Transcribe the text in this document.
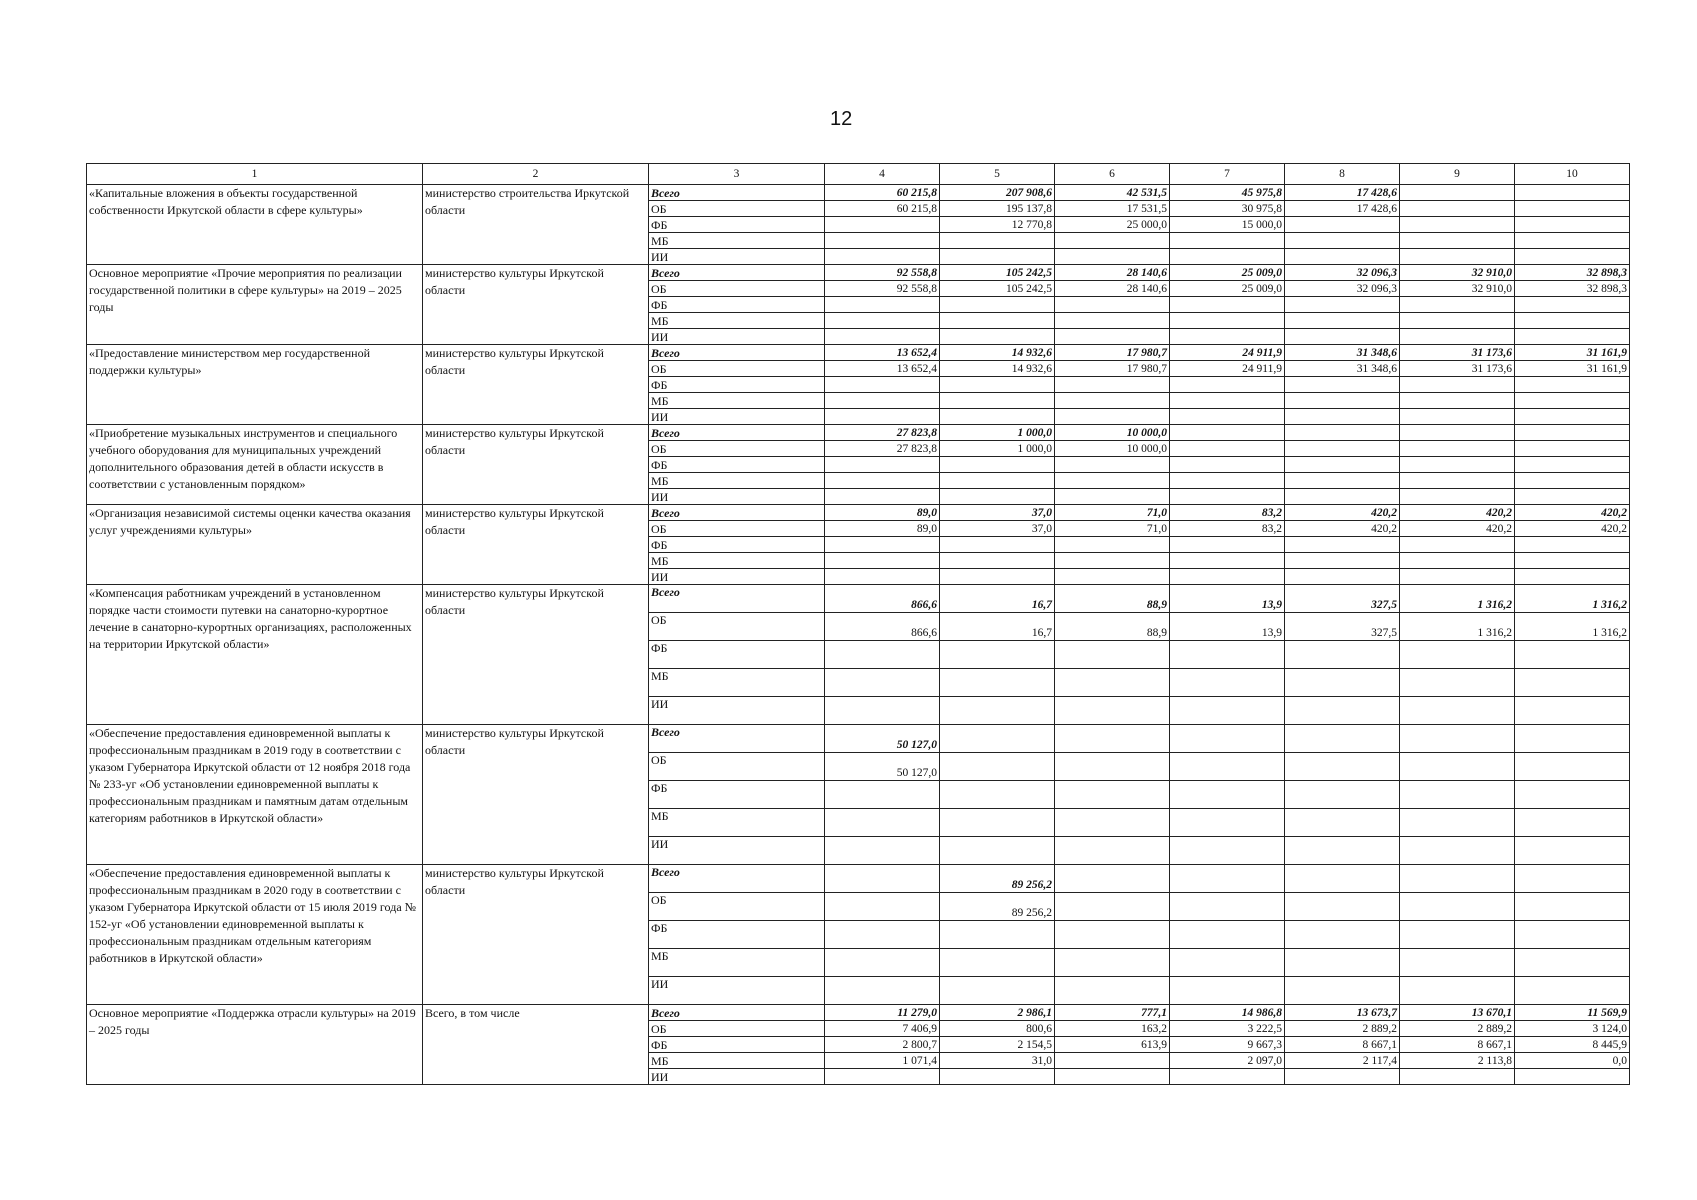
12
1	2	3	4	5	6	7	8	9	10
«Капитальные вложения в объекты государственной собственности Иркутской области в сфере культуры»	министерство строительства Иркутской области	Всего	60 215,8	207 908,6	42 531,5	45 975,8	17 428,6		
		ОБ	60 215,8	195 137,8	17 531,5	30 975,8	17 428,6		
		ФБ		12 770,8	25 000,0	15 000,0			
		МБ							
		ИИ							
Основное мероприятие «Прочие мероприятия по реализации государственной политики в сфере культуры» на 2019 – 2025 годы	министерство культуры Иркутской области	Всего	92 558,8	105 242,5	28 140,6	25 009,0	32 096,3	32 910,0	32 898,3
		ОБ	92 558,8	105 242,5	28 140,6	25 009,0	32 096,3	32 910,0	32 898,3
		ФБ							
		МБ							
		ИИ							
«Предоставление министерством мер государственной поддержки культуры»	министерство культуры Иркутской области	Всего	13 652,4	14 932,6	17 980,7	24 911,9	31 348,6	31 173,6	31 161,9
		ОБ	13 652,4	14 932,6	17 980,7	24 911,9	31 348,6	31 173,6	31 161,9
		ФБ							
		МБ							
		ИИ							
«Приобретение музыкальных инструментов и специального учебного оборудования для муниципальных учреждений дополнительного образования детей в области искусств в соответствии с установленным порядком»	министерство культуры Иркутской области	Всего	27 823,8	1 000,0	10 000,0				
		ОБ	27 823,8	1 000,0	10 000,0				
		ФБ							
		МБ							
		ИИ							
«Организация независимой системы оценки качества оказания услуг учреждениями культуры»	министерство культуры Иркутской области	Всего	89,0	37,0	71,0	83,2	420,2	420,2	420,2
		ОБ	89,0	37,0	71,0	83,2	420,2	420,2	420,2
		ФБ							
		МБ							
		ИИ							
«Компенсация работникам учреждений в установленном порядке части стоимости путевки на санаторно-курортное лечение в санаторно-курортных организациях, расположенных на территории Иркутской области»	министерство культуры Иркутской области	Всего	866,6	16,7	88,9	13,9	327,5	1 316,2	1 316,2
		ОБ	866,6	16,7	88,9	13,9	327,5	1 316,2	1 316,2
		ФБ							
		МБ							
		ИИ							
«Обеспечение предоставления единовременной выплаты к профессиональным праздникам в 2019 году в соответствии с указом Губернатора Иркутской области от 12 ноября 2018 года № 233-уг «Об установлении единовременной выплаты к профессиональным праздникам и памятным датам отдельным категориям работников в Иркутской области»	министерство культуры Иркутской области	Всего	50 127,0						
		ОБ	50 127,0						
		ФБ							
		МБ							
		ИИ							
«Обеспечение предоставления единовременной выплаты к профессиональным праздникам в 2020 году в соответствии с указом Губернатора Иркутской области от 15 июля 2019 года № 152-уг «Об установлении единовременной выплаты к профессиональным праздникам отдельным категориям работников в Иркутской области»	министерство культуры Иркутской области	Всего		89 256,2					
		ОБ		89 256,2					
		ФБ							
		МБ							
		ИИ							
Основное мероприятие «Поддержка отрасли культуры» на 2019 – 2025 годы	Всего, в том числе	Всего	11 279,0	2 986,1	777,1	14 986,8	13 673,7	13 670,1	11 569,9
		ОБ	7 406,9	800,6	163,2	3 222,5	2 889,2	2 889,2	3 124,0
		ФБ	2 800,7	2 154,5	613,9	9 667,3	8 667,1	8 667,1	8 445,9
		МБ	1 071,4	31,0		2 097,0	2 117,4	2 113,8	0,0
		ИИ							
